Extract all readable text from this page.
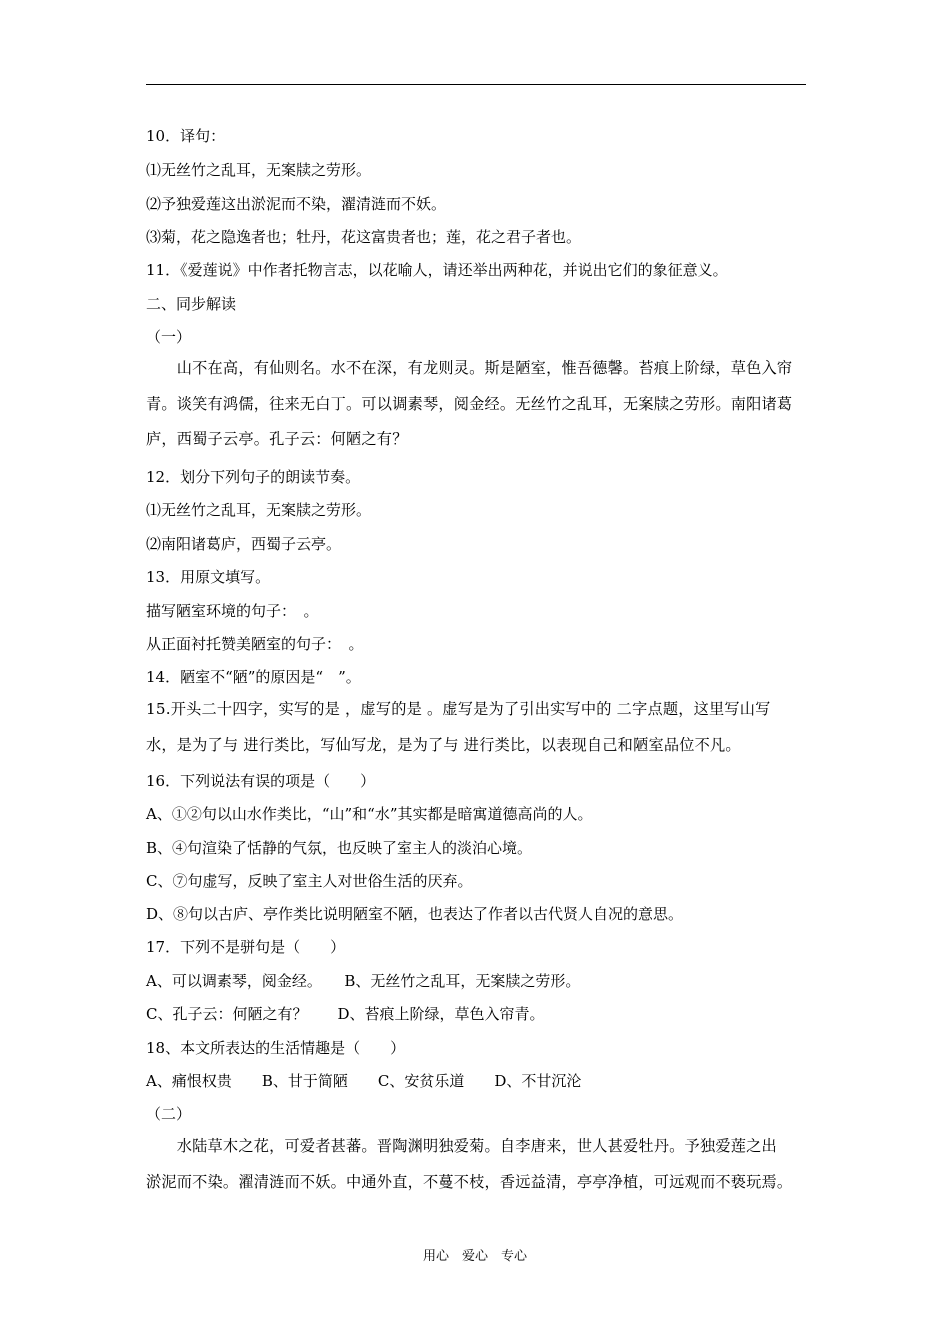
10．译句：
⑴无丝竹之乱耳，无案牍之劳形。
⑵予独爱莲这出淤泥而不染，濯清涟而不妖。
⑶菊，花之隐逸者也；牡丹，花这富贵者也；莲，花之君子者也。
11．《爱莲说》中作者托物言志，以花喻人，请还举出两种花，并说出它们的象征意义。
二、同步解读
（一）
　　山不在高，有仙则名。水不在深，有龙则灵。斯是陋室，惟吾德馨。苔痕上阶绿，草色入帘
青。谈笑有鸿儒，往来无白丁。可以调素琴，阅金经。无丝竹之乱耳，无案牍之劳形。南阳诸葛
庐，西蜀子云亭。孔子云：何陋之有？
12．划分下列句子的朗读节奏。
⑴无丝竹之乱耳，无案牍之劳形。
⑵南阳诸葛庐，西蜀子云亭。
13．用原文填写。
描写陋室环境的句子：　。
从正面衬托赞美陋室的句子：　。
14．陋室不“陋”的原因是“　”。
15.开头二十四字，实写的是 ，虚写的是 。虚写是为了引出实写中的 二字点题，这里写山写
水，是为了与 进行类比，写仙写龙，是为了与 进行类比，以表现自己和陋室品位不凡。
16．下列说法有误的项是（　　）
A、①②句以山水作类比，“山”和“水”其实都是暗寓道德高尚的人。
B、④句渲染了恬静的气氛，也反映了室主人的淡泊心境。
C、⑦句虚写，反映了室主人对世俗生活的厌弃。
D、⑧句以古庐、亭作类比说明陋室不陋，也表达了作者以古代贤人自况的意思。
17．下列不是骈句是（　　）
A、可以调素琴，阅金经。　　B、无丝竹之乱耳，无案牍之劳形。
C、孔子云：何陋之有？　　D、苔痕上阶绿，草色入帘青。
18、本文所表达的生活情趣是（　　）
A、痛恨权贵　　B、甘于简陋　　C、安贫乐道　　D、不甘沉沦
（二）
　　水陆草木之花，可爱者甚蕃。晋陶渊明独爱菊。自李唐来，世人甚爱牡丹。予独爱莲之出
淤泥而不染。濯清涟而不妖。中通外直，不蔓不枝，香远益清，亭亭净植，可远观而不亵玩焉。
用心　爱心　专心
